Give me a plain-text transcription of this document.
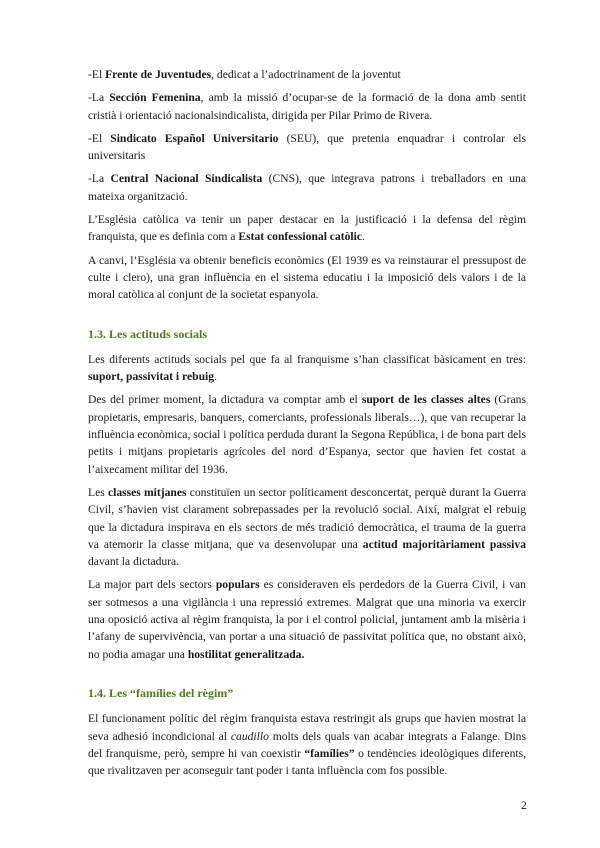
-El Frente de Juventudes, dedicat a l’adoctrinament de la joventut

-La Sección Femenina, amb la missió d’ocupar-se de la formació de la dona amb sentit cristià i orientació nacionalsindicalista, dirigida per Pilar Primo de Rivera.

-El Sindicato Español Universitario (SEU), que pretenia enquadrar i controlar els universitaris

-La Central Nacional Sindicalista (CNS), que integrava patrons i treballadors en una mateixa organització.

L’Església catòlica va tenir un paper destacar en la justificació i la defensa del règim franquista, que es definia com a Estat confessional catòlic.

A canvi, l’Església va obtenir beneficis econòmics (El 1939 es va reinstaurar el pressupost de culte i clero), una gran influència en el sistema educatiu i la imposició dels valors i de la moral catòlica al conjunt de la societat espanyola.

1.3. Les actituds socials

Les diferents actituds socials pel que fa al franquisme s’han classificat bàsicament en tres: suport, passivitat i rebuig.

Des del primer moment, la dictadura va comptar amb el suport de les classes altes (Grans propietaris, empresaris, banquers, comerciants, professionals liberals…), que van recuperar la influència econòmica, social i política perduda durant la Segona República, i de bona part dels petits i mitjans propietaris agrícoles del nord d’Espanya, sector que havien fet costat a l’aixecament militar del 1936.

Les classes mitjanes constituïen un sector políticament desconcertat, perquè durant la Guerra Civil, s’havien vist clarament sobrepassades per la revolució social. Així, malgrat el rebuig que la dictadura inspirava en els sectors de més tradició democràtica, el trauma de la guerra va atemorir la classe mitjana, que va desenvolupar una actitud majoritàriament passiva davant la dictadura.

La major part dels sectors populars es consideraven els perdedors de la Guerra Civil, i van ser sotmesos a una vigilància i una repressió extremes. Malgrat que una minoria va exercir una oposició activa al règim franquista, la por i el control policial, juntament amb la misèria i l’afany de supervivència, van portar a una situació de passivitat política que, no obstant això, no podia amagar una hostilitat generalitzada.

1.4. Les “famílies del règim”

El funcionament polític del règim franquista estava restringit als grups que havien mostrat la seva adhesió incondicional al caudillo molts dels quals van acabar integrats a Falange. Dins del franquisme, però, sempre hi van coexistir “famílies” o tendències ideològiques diferents, que rivalitzaven per aconseguir tant poder i tanta influència com fos possible.

2
